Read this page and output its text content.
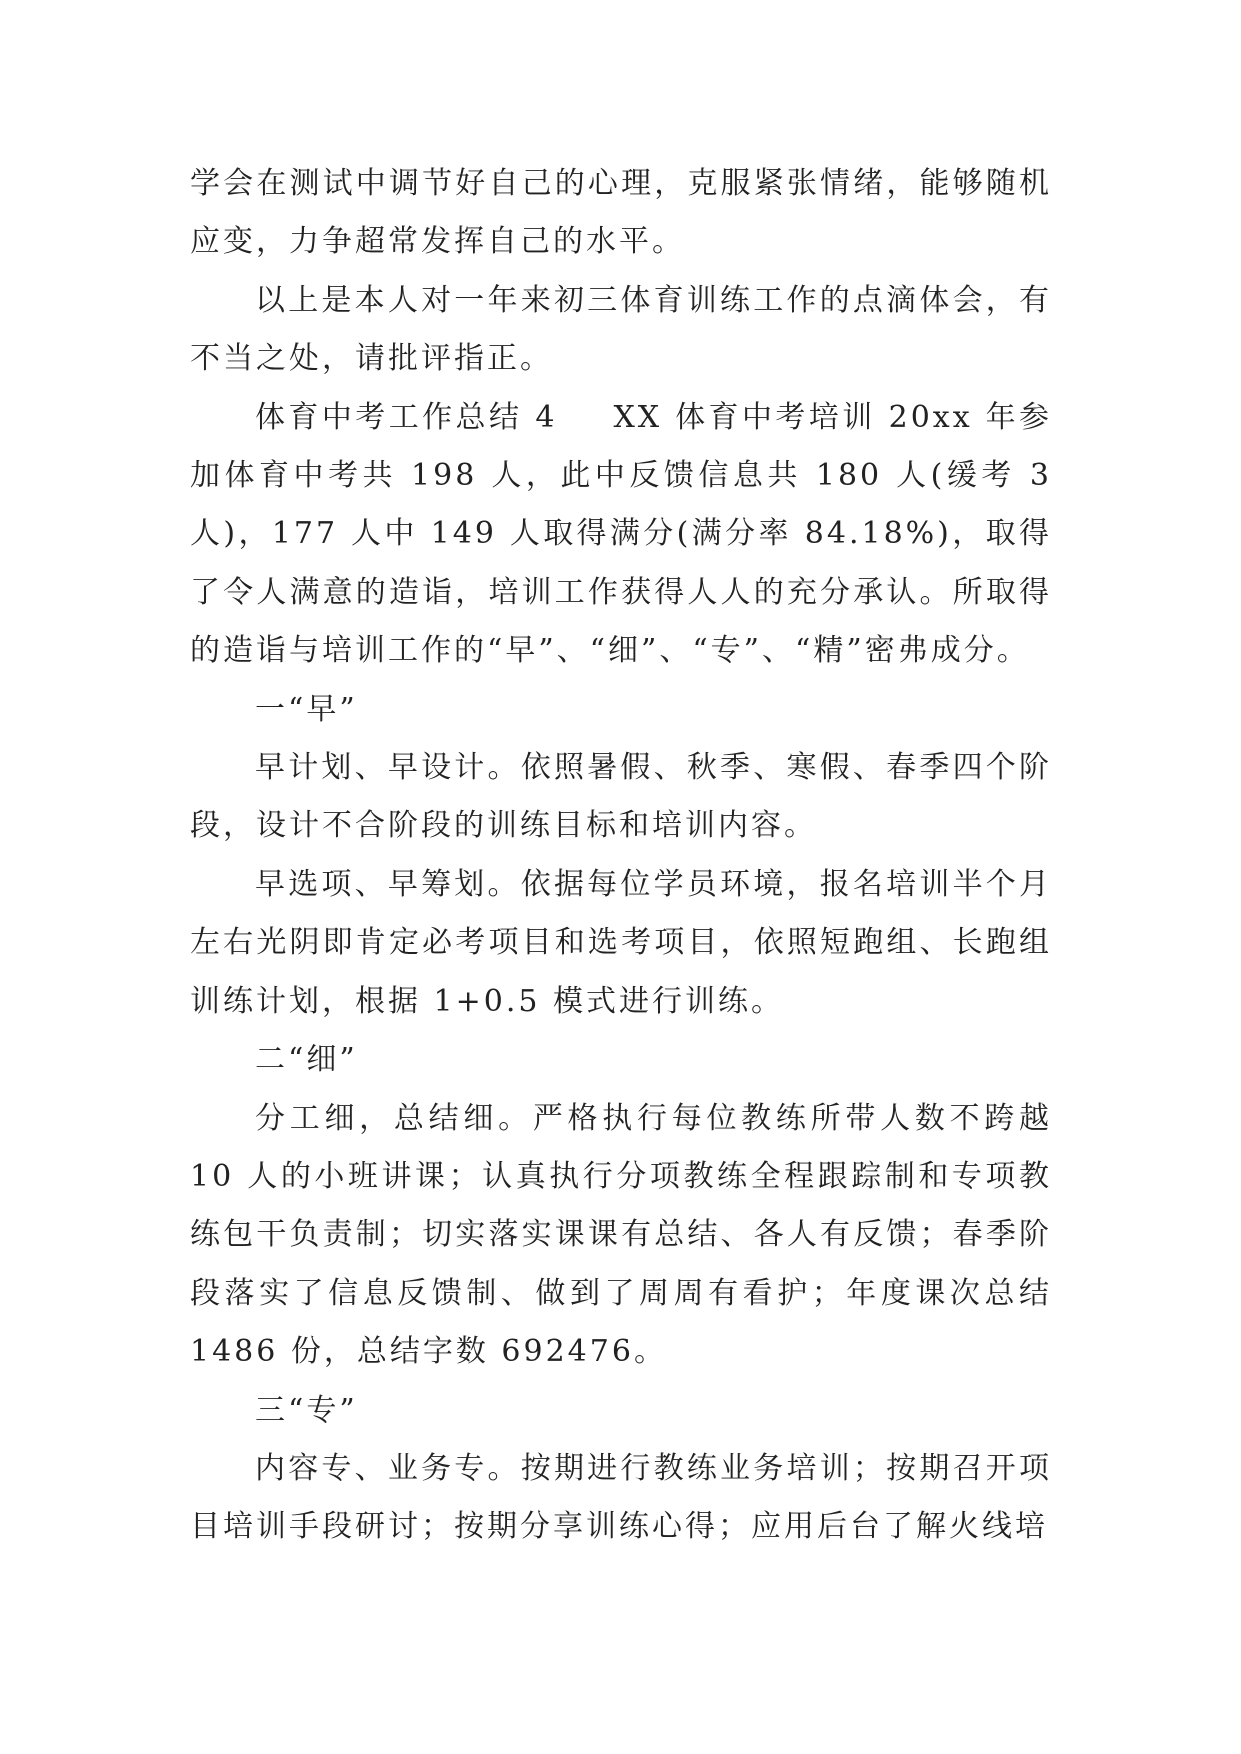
学会在测试中调节好自己的心理，克服紧张情绪，能够随机应变，力争超常发挥自己的水平。

以上是本人对一年来初三体育训练工作的点滴体会，有不当之处，请批评指正。

体育中考工作总结 4 XX 体育中考培训 20xx 年参加体育中考共 198 人，此中反馈信息共 180 人(缓考 3 人)，177 人中 149 人取得满分(满分率 84.18%)，取得了令人满意的造诣，培训工作获得人人的充分承认。所取得的造诣与培训工作的“早”、“细”、“专”、“精”密弗成分。

一“早”

早计划、早设计。依照暑假、秋季、寒假、春季四个阶段，设计不合阶段的训练目标和培训内容。

早选项、早筹划。依据每位学员环境，报名培训半个月左右光阴即肯定必考项目和选考项目，依照短跑组、长跑组训练计划，根据 1+0.5 模式进行训练。

二“细”

分工细，总结细。严格执行每位教练所带人数不跨越 10 人的小班讲课；认真执行分项教练全程跟踪制和专项教练包干负责制；切实落实课课有总结、各人有反馈；春季阶段落实了信息反馈制、做到了周周有看护；年度课次总结 1486 份，总结字数 692476。

三“专”

内容专、业务专。按期进行教练业务培训；按期召开项目培训手段研讨；按期分享训练心得；应用后台了解火线培
